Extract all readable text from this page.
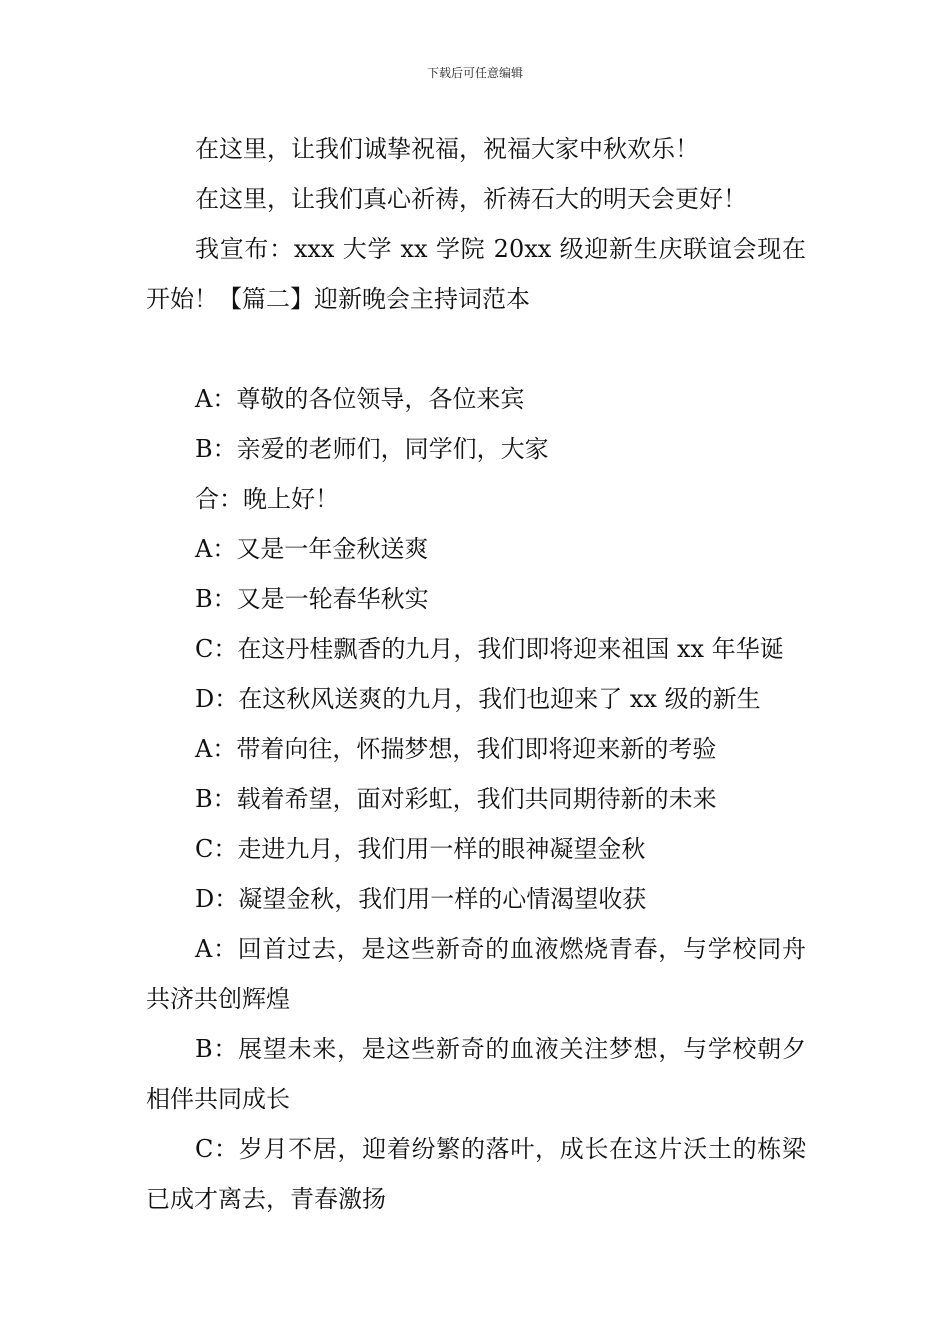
下载后可任意编辑

在这里，让我们诚挚祝福，祝福大家中秋欢乐！

在这里，让我们真心祈祷，祈祷石大的明天会更好！

我宣布：xxx 大学 xx 学院 20xx 级迎新生庆联谊会现在开始！【篇二】迎新晚会主持词范本

A：尊敬的各位领导，各位来宾

B：亲爱的老师们，同学们，大家

合：晚上好！

A：又是一年金秋送爽

B：又是一轮春华秋实

C：在这丹桂飘香的九月，我们即将迎来祖国 xx 年华诞

D：在这秋风送爽的九月，我们也迎来了 xx 级的新生

A：带着向往，怀揣梦想，我们即将迎来新的考验

B：载着希望，面对彩虹，我们共同期待新的未来

C：走进九月，我们用一样的眼神凝望金秋

D：凝望金秋，我们用一样的心情渴望收获

A：回首过去，是这些新奇的血液燃烧青春，与学校同舟共济共创辉煌

B：展望未来，是这些新奇的血液关注梦想，与学校朝夕相伴共同成长

C：岁月不居，迎着纷繁的落叶，成长在这片沃土的栋梁已成才离去，青春激扬
